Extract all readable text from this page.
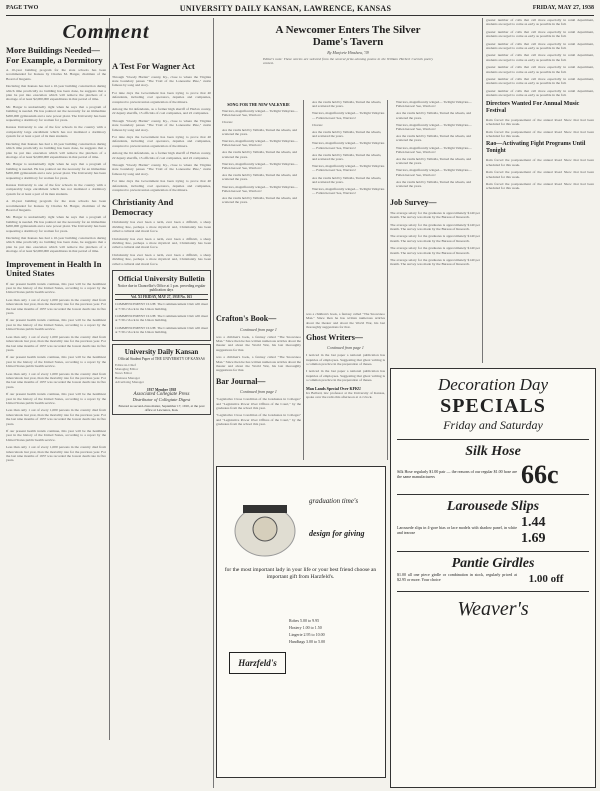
PAGE TWO	UNIVERSITY DAILY KANSAN, LAWRENCE, KANSAS	FRIDAY, MAY 27, 1938
Comment
More Buildings Needed—For Example, a Dormitory

A 10-year building program for the state schools has been recommended for Kansas by Charles M. Harger, chairman of the Board of Regents.

Declaring that Kansas has had a 10-year building construction during which time practically no building has been done, he suggests that a plan be put into execution which will remove the pinchers of a shortage of at least $2,000,000 expenditures in that period of time.

Mr. Harger is undoubtedly right when he says that a program of building is needed. He has pointed out the necessity for an immediate $200,000 gymnasium and a new power plant. The University has been requesting a dormitory for women for years.

Kansas University is one of the few schools in the country with a comparably large enrollment which has not instituted a dormitory system for at least a part of its men students.

Declaring that Kansas has had a 10-year building construction during which time practically no building has been done, he suggests that a plan be put into execution which will remove the pinchers of a shortage of at least $2,000,000 expenditures in that period of time.

Mr. Harger is undoubtedly right when he says that a program of building is needed. He has pointed out the necessity for an immediate $200,000 gymnasium and a new power plant. The University has been requesting a dormitory for women for years.

Kansas University is one of the few schools in the country with a comparably large enrollment which has not instituted a dormitory system for at least a part of its men students.

A 10-year building program for the state schools has been recommended for Kansas by Charles M. Harger, chairman of the Board of Regents.

Mr. Harger is undoubtedly right when he says that a program of building is needed. He has pointed out the necessity for an immediate $200,000 gymnasium and a new power plant. The University has been requesting a dormitory for women for years.

Declaring that Kansas has had a 10-year building construction during which time practically no building has been done, he suggests that a plan be put into execution which will remove the pinchers of a shortage of at least $2,000,000 expenditures in that period of time.

Improvement in Health In United States

If our present health trends continue, this year will be the healthiest year in the history of the United States, according to a report by the United States public health service.

Less than only 1 out of every 1,000 persons in the country died from tuberculosis last year, than the mortality rate for the previous year. For the last nine months of 1937 was recorded the lowest death rate in five years.

If our present health trends continue, this year will be the healthiest year in the history of the United States, according to a report by the United States public health service.

Less than only 1 out of every 1,000 persons in the country died from tuberculosis last year, than the mortality rate for the previous year. For the last nine months of 1937 was recorded the lowest death rate in five years.

If our present health trends continue, this year will be the healthiest year in the history of the United States, according to a report by the United States public health service.

Less than only 1 out of every 1,000 persons in the country died from tuberculosis last year, than the mortality rate for the previous year. For the last nine months of 1937 was recorded the lowest death rate in five years.

If our present health trends continue, this year will be the healthiest year in the history of the United States, according to a report by the United States public health service.

Less than only 1 out of every 1,000 persons in the country died from tuberculosis last year, than the mortality rate for the previous year. For the last nine months of 1937 was recorded the lowest death rate in five years.

If our present health trends continue, this year will be the healthiest year in the history of the United States, according to a report by the United States public health service.

Less than only 1 out of every 1,000 persons in the country died from tuberculosis last year, than the mortality rate for the previous year. For the last nine months of 1937 was recorded the lowest death rate in five years.

A Test For Wagner Act

Through "bloody Harlan" county, Ky., close to where the Virginia state boundary passes "The Trail of the Lonesome Pine," rustle famous by song and story.

For nine days the Government has been trying to prove that 40 defendants, including coal operators, deputies and companies, conspired to prevent union organization of the miners.

Among the 64 defendants, as a former high sheriff of Harlan county, 22 deputy sheriffs, 15 officials of coal companies, and 22 companies.

Through "bloody Harlan" county, Ky., close to where the Virginia state boundary passes "The Trail of the Lonesome Pine," rustle famous by song and story.

For nine days the Government has been trying to prove that 40 defendants, including coal operators, deputies and companies, conspired to prevent union organization of the miners.

Among the 64 defendants, as a former high sheriff of Harlan county, 22 deputy sheriffs, 15 officials of coal companies, and 22 companies.

Through "bloody Harlan" county, Ky., close to where the Virginia state boundary passes "The Trail of the Lonesome Pine," rustle famous by song and story.

For nine days the Government has been trying to prove that 40 defendants, including coal operators, deputies and companies, conspired to prevent union organization of the miners.

Christianity And Democracy

Christianity has ever been a term, ever been a difficult, a sharp dividing line, perhaps a more mystical and, Christianity has been called a cultural and moral force.

Christianity has ever been a term, ever been a difficult, a sharp dividing line, perhaps a more mystical and, Christianity has been called a cultural and moral force.

Christianity has ever been a term, ever been a difficult, a sharp dividing line, perhaps a more mystical and, Christianity has been called a cultural and moral force.

Official University Bulletin

Notice due in Chancellor's Office at 1 p.m. preceding regular publication days

Vol. XI FRIDAY, MAY 27, 1938 No. 163

COMMENCEMENT CLUB: The Commencement Club will meet at 7:30 o'clock in the Union building.

COMMENCEMENT CLUB: The Commencement Club will meet at 7:30 o'clock in the Union building.

COMMENCEMENT CLUB: The Commencement Club will meet at 7:30 o'clock in the Union building.

University Daily Kansan

Official Student Paper of THE UNIVERSITY OF KANSAS

Editor-in-Chief
Managing Editor
News Editor
Business Manager
Advertising Manager

1937 Member 1938

Associated Collegiate Press

Distributor of Collegiate Digest

Entered as second-class matter, September 17, 1910, at the post office at Lawrence, Kan.

A Newcomer Enters The Silver Dame's Tavern
By Marjorie Hinshaw, '39

Editor's note: These stories are selected from the several prize-winning poems in the William Herbert Carruth poetry contest.

SONG FOR THE NEW VALKYRIE

Warriors, magnificently winged— Twilight Valkyries— Fallen heroes! See, Warriors!

Chorus:

Are the vaults held by Valhalla, Turned the wheels, and scattered the years.

Warriors, magnificently winged— Twilight Valkyries— Fallen heroes! See, Warriors!

Are the vaults held by Valhalla, Turned the wheels, and scattered the years.

Warriors, magnificently winged— Twilight Valkyries— Fallen heroes! See, Warriors!

Are the vaults held by Valhalla, Turned the wheels, and scattered the years.

Warriors, magnificently winged— Twilight Valkyries— Fallen heroes! See, Warriors!

Are the vaults held by Valhalla, Turned the wheels, and scattered the years.

Are the vaults held by Valhalla, Turned the wheels, and scattered the years.

Warriors, magnificently winged— Twilight Valkyries— Fallen heroes! See, Warriors!

Chorus:

Are the vaults held by Valhalla, Turned the wheels, and scattered the years.

Warriors, magnificently winged— Twilight Valkyries— Fallen heroes! See, Warriors!

Are the vaults held by Valhalla, Turned the wheels, and scattered the years.

Warriors, magnificently winged— Twilight Valkyries— Fallen heroes! See, Warriors!

Are the vaults held by Valhalla, Turned the wheels, and scattered the years.

Warriors, magnificently winged— Twilight Valkyries— Fallen heroes! See, Warriors!

Crafton's Book—
Continued from page 1

was a children's book, a fantasy called "The Snowsnoo Man." Since then he has written numerous articles about the theater and about the World War, his last thoroughly suggestions for that.

was a children's book, a fantasy called "The Snowsnoo Man." Since then he has written numerous articles about the theater and about the World War, his last thoroughly suggestions for that.

Bar Journal—
Continued from page 1

"Legislative Close Condition of the Graduates in Colleges" and "Legislative Power Over Offices of the Court," by the graduates from the school this year.

"Legislative Close Condition of the Graduates in Colleges" and "Legislative Power Over Offices of the Court," by the graduates from the school this year.

was a children's book, a fantasy called "The Snowsnoo Man." Since then he has written numerous articles about the theater and about the World War, his last thoroughly suggestions for that.

Ghost Writers—
Continued from page 1

I noticed in the last paper a national publication has inquiries of employees. Suggesting that ghost writing is a common practice in the preparation of theses.

I noticed in the last paper a national publication has inquiries of employees. Suggesting that ghost writing is a common practice in the preparation of theses.

Man Lands Special Over KFKU

Ira Ballard, law professor at the University of Kansas, spoke over the radio this afternoon at 4 o'clock.

Warriors, magnificently winged— Twilight Valkyries— Fallen heroes! See, Warriors!

Are the vaults held by Valhalla, Turned the wheels, and scattered the years.

Warriors, magnificently winged— Twilight Valkyries— Fallen heroes! See, Warriors!

Are the vaults held by Valhalla, Turned the wheels, and scattered the years.

Warriors, magnificently winged— Twilight Valkyries— Fallen heroes! See, Warriors!

Are the vaults held by Valhalla, Turned the wheels, and scattered the years.

Warriors, magnificently winged— Twilight Valkyries— Fallen heroes! See, Warriors!

Are the vaults held by Valhalla, Turned the wheels, and scattered the years.

Job Survey—

The average salary for the graduates is approximately $140 per month. The survey was made by the Bureau of Research.

The average salary for the graduates is approximately $140 per month. The survey was made by the Bureau of Research.

The average salary for the graduates is approximately $140 per month. The survey was made by the Bureau of Research.

The average salary for the graduates is approximately $140 per month. The survey was made by the Bureau of Research.

The average salary for the graduates is approximately $140 per month. The survey was made by the Bureau of Research.

greater number of calls that call more especially in retail department, students are urged to come as early as possible in the fall.

greater number of calls that call more especially in retail department, students are urged to come as early as possible in the fall.

greater number of calls that call more especially in retail department, students are urged to come as early as possible in the fall.

greater number of calls that call more especially in retail department, students are urged to come as early as possible in the fall.

greater number of calls that call more especially in retail department, students are urged to come as early as possible in the fall.

greater number of calls that call more especially in retail department, students are urged to come as early as possible in the fall.

greater number of calls that call more especially in retail department, students are urged to come as early as possible in the fall.

Directors Wanted For Annual Music Festival

Rain forced the postponement of the annual Road Show that had been scheduled for this week.

Rain forced the postponement of the annual Road Show that had been scheduled for this week.

Rao—Activating Fight Programs Until Tonight

Rain forced the postponement of the annual Road Show that had been scheduled for this week.

Rain forced the postponement of the annual Road Show that had been scheduled for this week.

Rain forced the postponement of the annual Road Show that had been scheduled for this week.

graduation time's
design for giving

for the most important lady in your life or your best friend choose an important gift from Harzfeld's.

Robes 5.00 to 9.95
Hosiery 1.00 to 1.50
Lingerie 2.95 to 10.00
Handbags 3.00 to 5.00
Harzfeld's
Decoration Day
SPECIALS
Friday and Saturday
Silk Hose

Silk Hose regularly $1.00 pair — the reasons of our regular $1.00 hose are the same manufacturers	66c
Larousede Slips

Larousede slips in 4-gore bias or lace models with shadow panel, in white and tearose

1.44
1.69
Pantie Girdles

$1.00 all one piece girdle or combination in stock, regularly priced at $2.95 or more. Your choice	1.00 off
Weaver's
